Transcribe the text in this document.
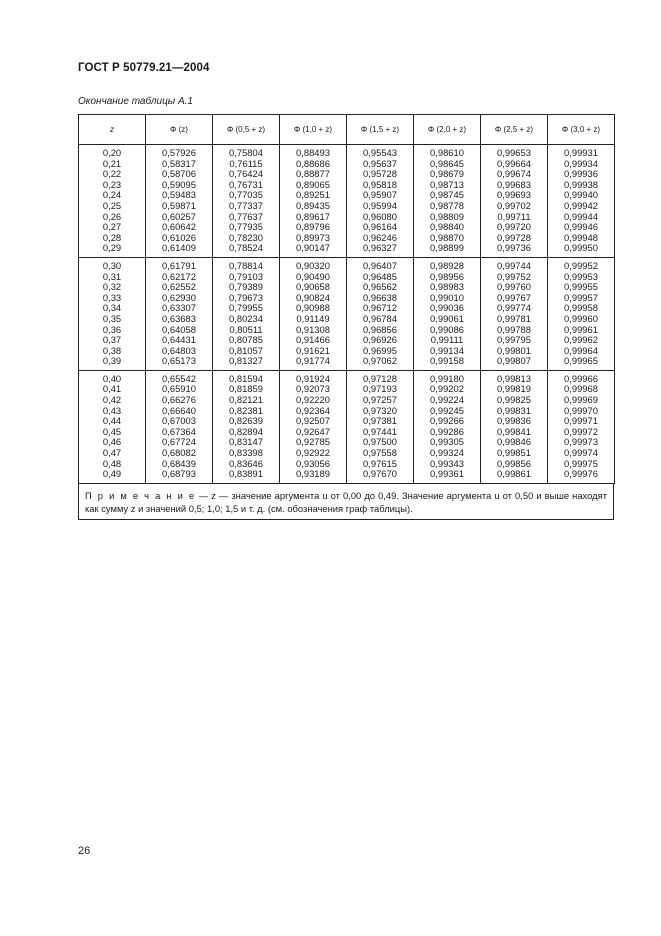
ГОСТ Р 50779.21—2004
Окончание таблицы А.1
z	Φ (z)	Φ (0,5 + z)	Φ (1,0 + z)	Φ (1,5 + z)	Φ (2,0 + z)	Φ (2,5 + z)	Φ (3,0 + z)
0,20	0,57926	0,75804	0,88493	0,95543	0,98610	0,99653	0,99931
0,21	0,58317	0,76115	0,88686	0,95637	0,98645	0,99664	0,99934
0,22	0,58706	0,76424	0,88877	0,95728	0,98679	0,99674	0,99936
0,23	0,59095	0,76731	0,89065	0,95818	0,98713	0,99683	0,99938
0,24	0,59483	0,77035	0,89251	0,95907	0,98745	0,99693	0,99940
0,25	0,59871	0,77337	0,89435	0,95994	0,98778	0,99702	0,99942
0,26	0,60257	0,77637	0,89617	0,96080	0,98809	0,99711	0,99944
0,27	0,60642	0,77935	0,89796	0,96164	0,98840	0,99720	0,99946
0,28	0,61026	0,78230	0,89973	0,96246	0,98870	0,99728	0,99948
0,29	0,61409	0,78524	0,90147	0,96327	0,98899	0,99736	0,99950
0,30	0,61791	0,78814	0,90320	0,96407	0,98928	0,99744	0,99952
0,31	0,62172	0,79103	0,90490	0,96485	0,98956	0,99752	0,99953
0,32	0,62552	0,79389	0,90658	0,96562	0,98983	0,99760	0,99955
0,33	0,62930	0,79673	0,90824	0,96638	0,99010	0,99767	0,99957
0,34	0,63307	0,79955	0,90988	0,96712	0,99036	0,99774	0,99958
0,35	0,63683	0,80234	0,91149	0,96784	0,99061	0,99781	0,99960
0,36	0,64058	0,80511	0,91308	0,96856	0,99086	0,99788	0,99961
0,37	0,64431	0,80785	0,91466	0,96926	0,99111	0,99795	0,99962
0,38	0,64803	0,81057	0,91621	0,96995	0,99134	0,99801	0,99964
0,39	0,65173	0,81327	0,91774	0,97062	0,99158	0,99807	0,99965
0,40	0,65542	0,81594	0,91924	0,97128	0,99180	0,99813	0,99966
0,41	0,65910	0,81859	0,92073	0,97193	0,99202	0,99819	0,99968
0,42	0,66276	0,82121	0,92220	0,97257	0,99224	0,99825	0,99969
0,43	0,66640	0,82381	0,92364	0,97320	0,99245	0,99831	0,99970
0,44	0,67003	0,82639	0,92507	0,97381	0,99266	0,99836	0,99971
0,45	0,67364	0,82894	0,92647	0,97441	0,99286	0,99841	0,99972
0,46	0,67724	0,83147	0,92785	0,97500	0,99305	0,99846	0,99973
0,47	0,68082	0,83398	0,92922	0,97558	0,99324	0,99851	0,99974
0,48	0,68439	0,83646	0,93056	0,97615	0,99343	0,99856	0,99975
0,49	0,68793	0,83891	0,93189	0,97670	0,99361	0,99861	0,99976
П р и м е ч а н и е — z — значение аргумента u от 0,00 до 0,49. Значение аргумента u от 0,50 и выше находят как сумму z и значений 0,5; 1,0; 1,5 и т. д. (см. обозначения граф таблицы).
26
